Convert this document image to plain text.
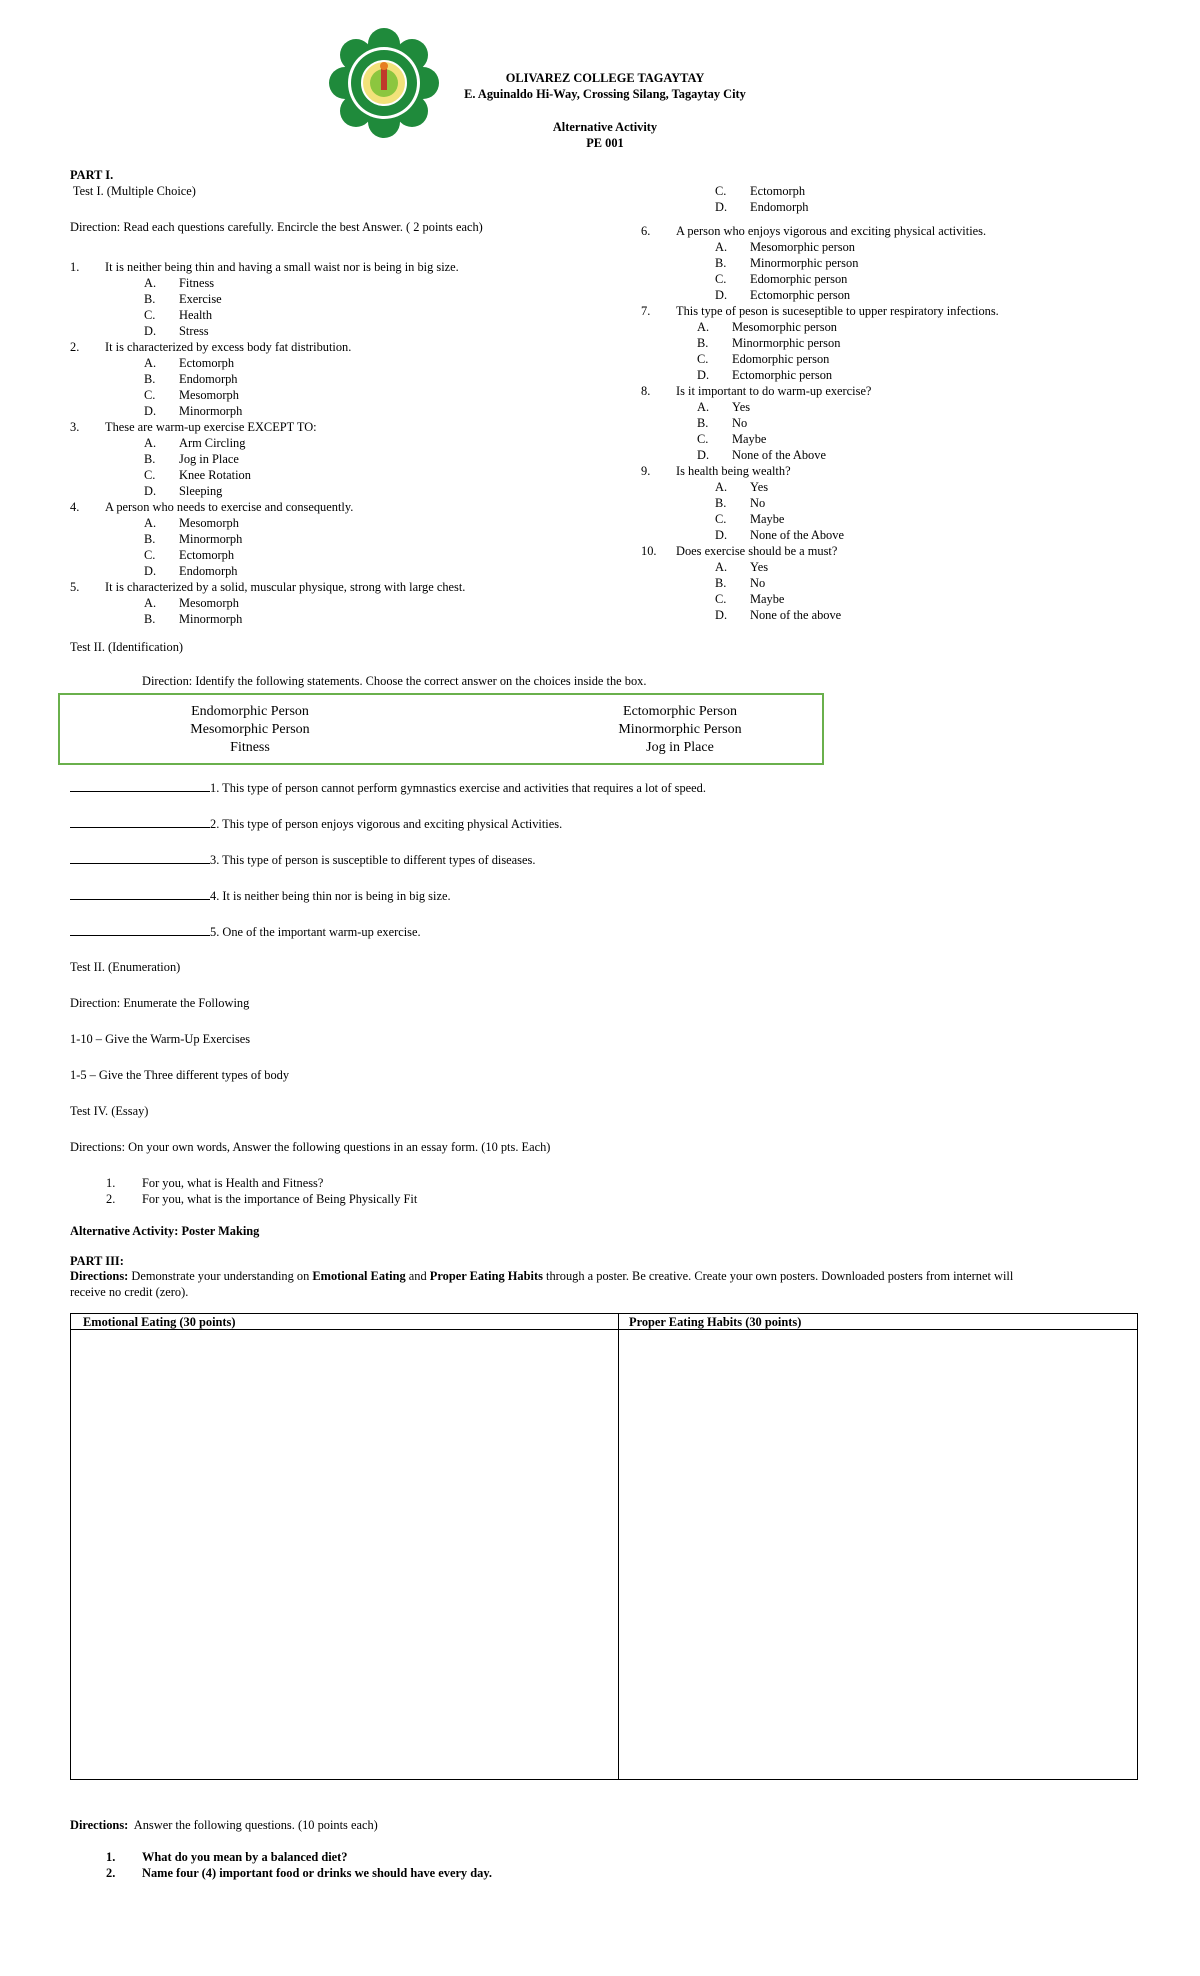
OLIVAREZ COLLEGE TAGAYTAY
E. Aguinaldo Hi-Way, Crossing Silang, Tagaytay City
Alternative Activity
PE 001
PART I.
Test I. (Multiple Choice)
Direction: Read each questions carefully. Encircle the best Answer. ( 2 points each)
1. It is neither being thin and having a small waist nor is being in big size.
A. Fitness
B. Exercise
C. Health
D. Stress
2. It is characterized by excess body fat distribution.
A. Ectomorph
B. Endomorph
C. Mesomorph
D. Minormorph
3. These are warm-up exercise EXCEPT TO:
A. Arm Circling
B. Jog in Place
C. Knee Rotation
D. Sleeping
4. A person who needs to exercise and consequently.
A. Mesomorph
B. Minormorph
C. Ectomorph
D. Endomorph
5. It is characterized by a solid, muscular physique, strong with large chest.
A. Mesomorph
B. Minormorph
6. A person who enjoys vigorous and exciting physical activities.
A. Mesomorphic person
B. Minormorphic person
C. Edomorphic person
D. Ectomorphic person
7. This type of peson is suceseptible to upper respiratory infections.
A. Mesomorphic person
B. Minormorphic person
C. Edomorphic person
D. Ectomorphic person
8. Is it important to do warm-up exercise?
A. Yes
B. No
C. Maybe
D. None of the Above
9. Is health being wealth?
A. Yes
B. No
C. Maybe
D. None of the Above
10. Does exercise should be a must?
A. Yes
B. No
C. Maybe
D. None of the above
C. Ectomorph
D. Endomorph
Test II. (Identification)
Direction: Identify the following statements. Choose the correct answer on the choices inside the box.
Endomorphic Person
Mesomorphic Person
Fitness
Ectomorphic Person
Minormorphic Person
Jog in Place
1. This type of person cannot perform gymnastics exercise and activities that requires a lot of speed.
2. This type of person enjoys vigorous and exciting physical Activities.
3. This type of person is susceptible to different types of diseases.
4. It is neither being thin nor is being in big size.
5. One of the important warm-up exercise.
Test II. (Enumeration)
Direction: Enumerate the Following
1-10 – Give the Warm-Up Exercises
1-5 – Give the Three different types of body
Test IV. (Essay)
Directions: On your own words, Answer the following questions in an essay form. (10 pts. Each)
1. For you, what is Health and Fitness?
2. For you, what is the importance of Being Physically Fit
Alternative Activity: Poster Making
PART III:
Directions: Demonstrate your understanding on Emotional Eating and Proper Eating Habits through a poster. Be creative. Create your own posters. Downloaded posters from internet will
receive no credit (zero).
Emotional Eating (30 points)	Proper Eating Habits (30 points)
Directions:  Answer the following questions. (10 points each)
1. What do you mean by a balanced diet?
2. Name four (4) important food or drinks we should have every day.
